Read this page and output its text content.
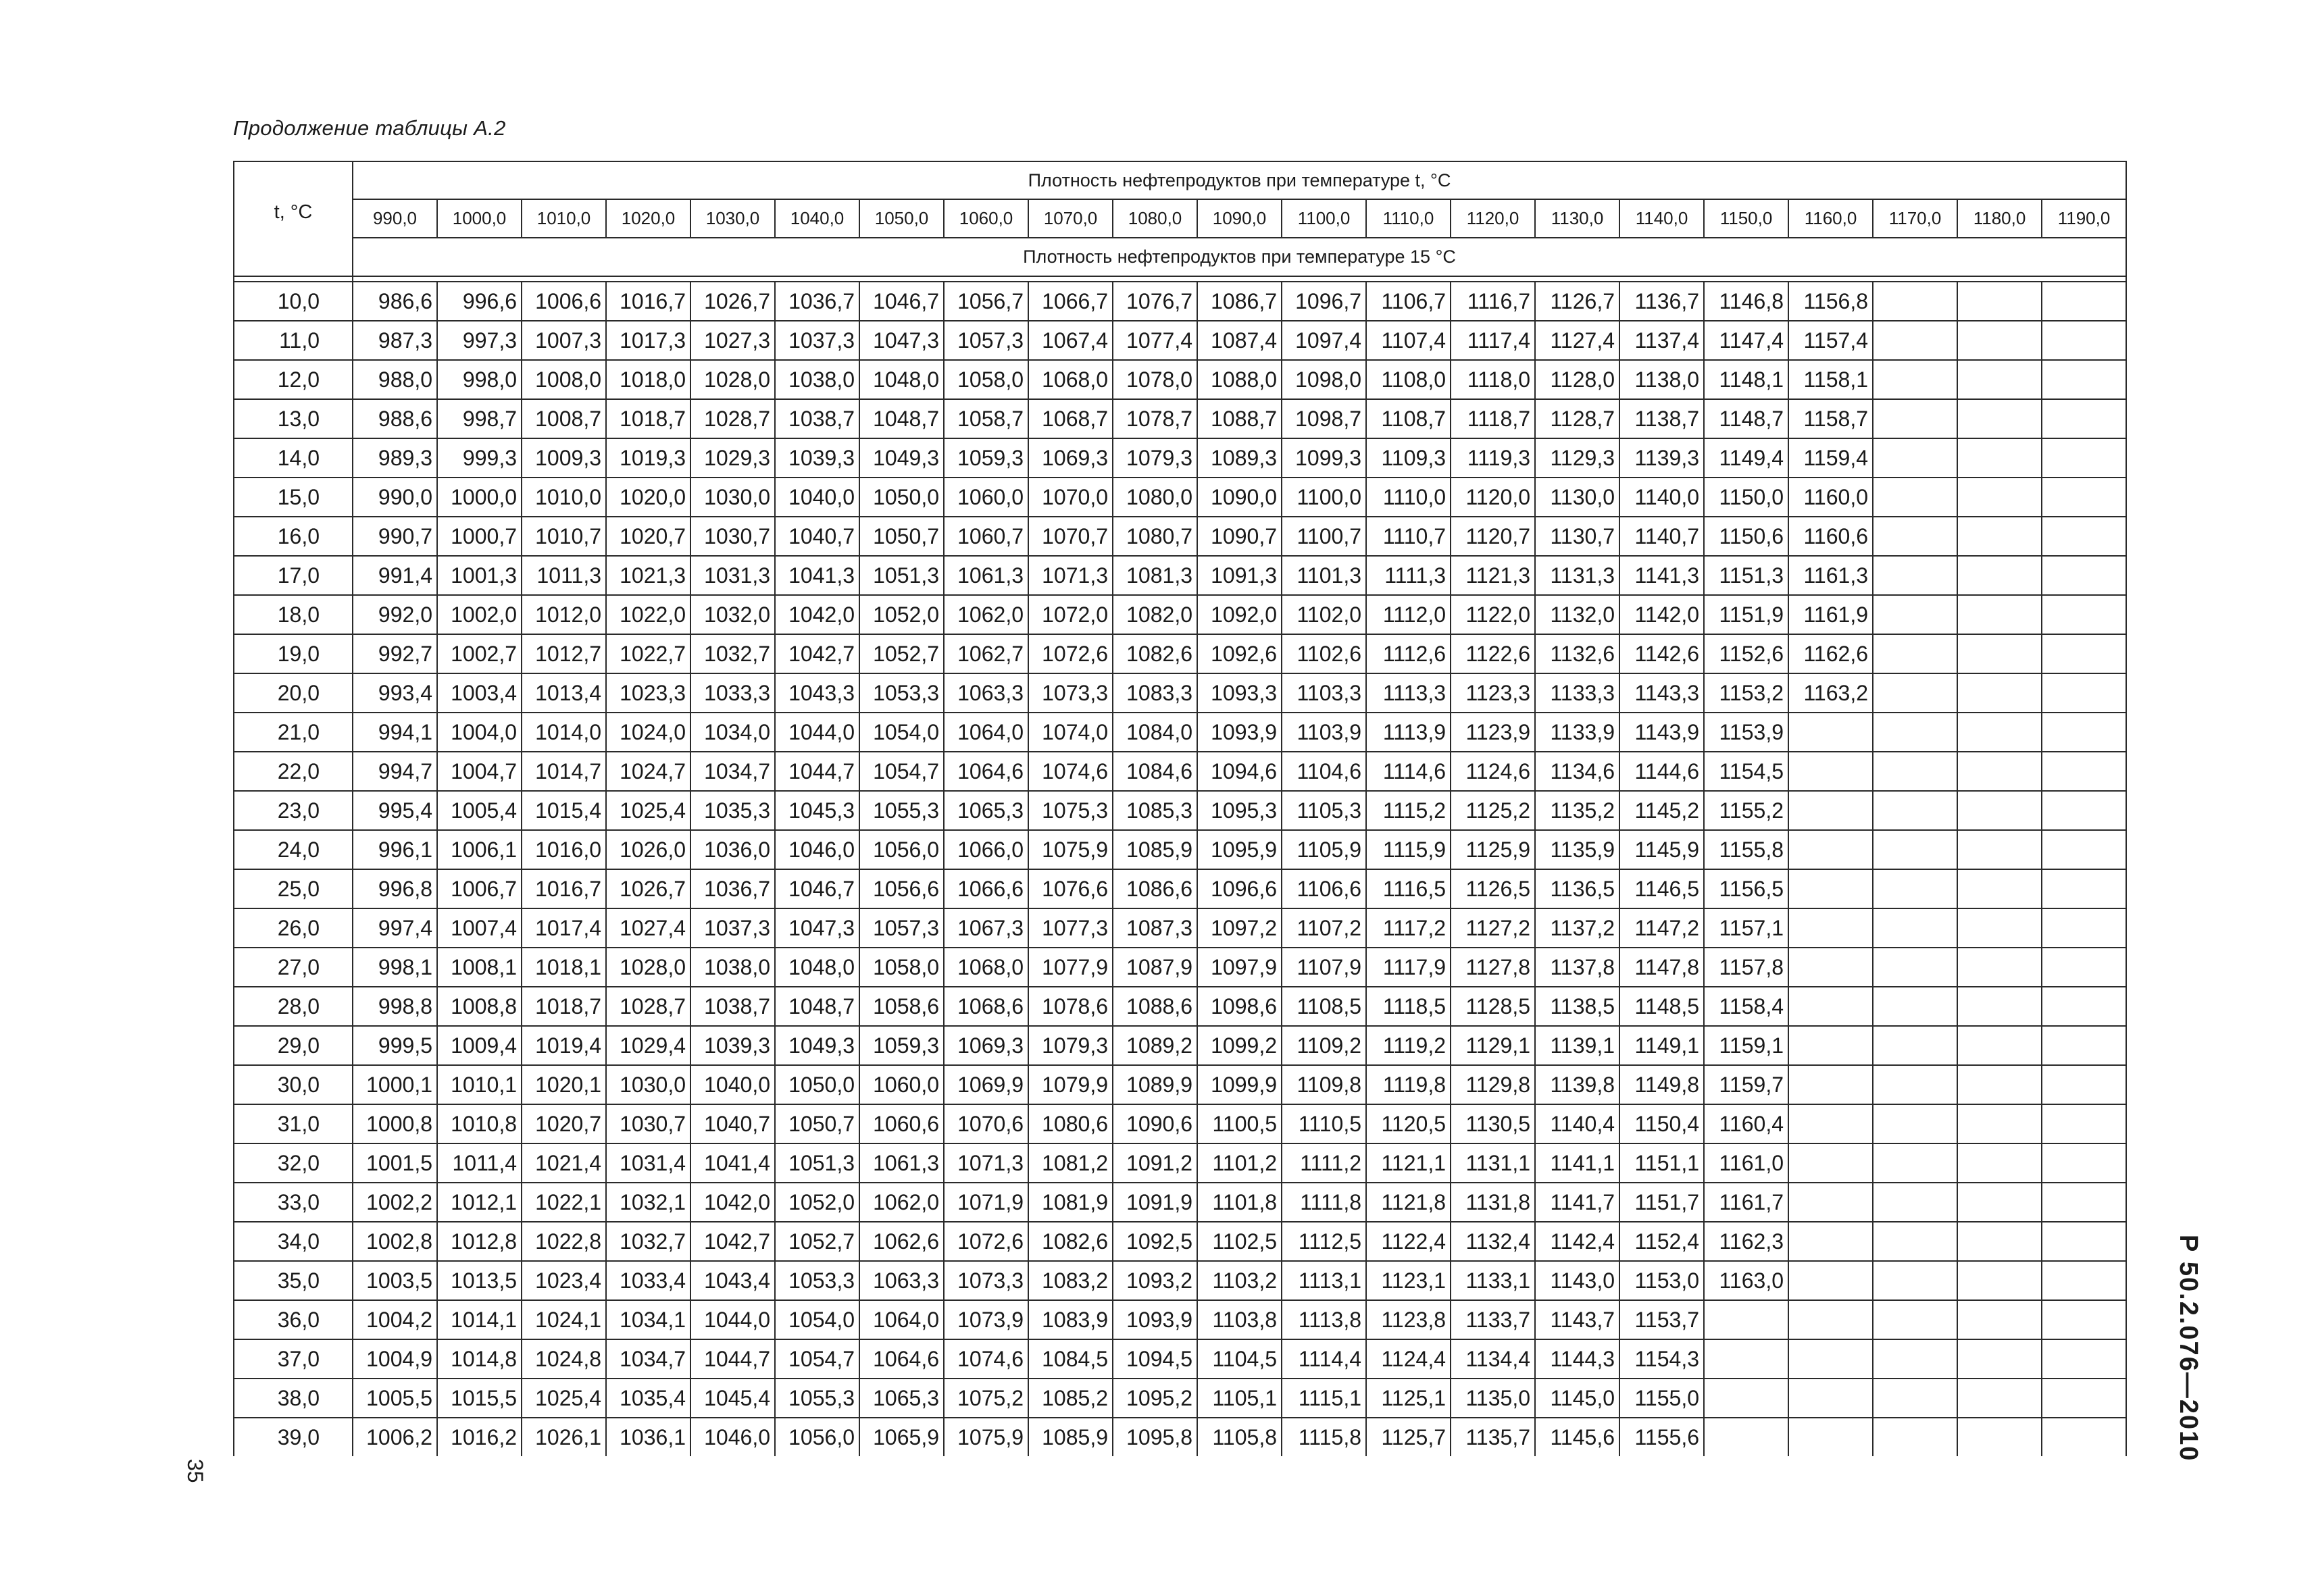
Продолжение таблицы А.2
t, °C	Плотность нефтепродуктов при температуре t, °C																				
	990,0	1000,0	1010,0	1020,0	1030,0	1040,0	1050,0	1060,0	1070,0	1080,0	1090,0	1100,0	1110,0	1120,0	1130,0	1140,0	1150,0	1160,0	1170,0	1180,0	1190,0
	Плотность нефтепродуктов при температуре 15 °C																				

10,0	986,6	996,6	1006,6	1016,7	1026,7	1036,7	1046,7	1056,7	1066,7	1076,7	1086,7	1096,7	1106,7	1116,7	1126,7	1136,7	1146,8	1156,8			
11,0	987,3	997,3	1007,3	1017,3	1027,3	1037,3	1047,3	1057,3	1067,4	1077,4	1087,4	1097,4	1107,4	1117,4	1127,4	1137,4	1147,4	1157,4			
12,0	988,0	998,0	1008,0	1018,0	1028,0	1038,0	1048,0	1058,0	1068,0	1078,0	1088,0	1098,0	1108,0	1118,0	1128,0	1138,0	1148,1	1158,1			
13,0	988,6	998,7	1008,7	1018,7	1028,7	1038,7	1048,7	1058,7	1068,7	1078,7	1088,7	1098,7	1108,7	1118,7	1128,7	1138,7	1148,7	1158,7			
14,0	989,3	999,3	1009,3	1019,3	1029,3	1039,3	1049,3	1059,3	1069,3	1079,3	1089,3	1099,3	1109,3	1119,3	1129,3	1139,3	1149,4	1159,4			
15,0	990,0	1000,0	1010,0	1020,0	1030,0	1040,0	1050,0	1060,0	1070,0	1080,0	1090,0	1100,0	1110,0	1120,0	1130,0	1140,0	1150,0	1160,0			
16,0	990,7	1000,7	1010,7	1020,7	1030,7	1040,7	1050,7	1060,7	1070,7	1080,7	1090,7	1100,7	1110,7	1120,7	1130,7	1140,7	1150,6	1160,6			
17,0	991,4	1001,3	1011,3	1021,3	1031,3	1041,3	1051,3	1061,3	1071,3	1081,3	1091,3	1101,3	1111,3	1121,3	1131,3	1141,3	1151,3	1161,3			
18,0	992,0	1002,0	1012,0	1022,0	1032,0	1042,0	1052,0	1062,0	1072,0	1082,0	1092,0	1102,0	1112,0	1122,0	1132,0	1142,0	1151,9	1161,9			
19,0	992,7	1002,7	1012,7	1022,7	1032,7	1042,7	1052,7	1062,7	1072,6	1082,6	1092,6	1102,6	1112,6	1122,6	1132,6	1142,6	1152,6	1162,6			
20,0	993,4	1003,4	1013,4	1023,3	1033,3	1043,3	1053,3	1063,3	1073,3	1083,3	1093,3	1103,3	1113,3	1123,3	1133,3	1143,3	1153,2	1163,2			
21,0	994,1	1004,0	1014,0	1024,0	1034,0	1044,0	1054,0	1064,0	1074,0	1084,0	1093,9	1103,9	1113,9	1123,9	1133,9	1143,9	1153,9				
22,0	994,7	1004,7	1014,7	1024,7	1034,7	1044,7	1054,7	1064,6	1074,6	1084,6	1094,6	1104,6	1114,6	1124,6	1134,6	1144,6	1154,5				
23,0	995,4	1005,4	1015,4	1025,4	1035,3	1045,3	1055,3	1065,3	1075,3	1085,3	1095,3	1105,3	1115,2	1125,2	1135,2	1145,2	1155,2				
24,0	996,1	1006,1	1016,0	1026,0	1036,0	1046,0	1056,0	1066,0	1075,9	1085,9	1095,9	1105,9	1115,9	1125,9	1135,9	1145,9	1155,8				
25,0	996,8	1006,7	1016,7	1026,7	1036,7	1046,7	1056,6	1066,6	1076,6	1086,6	1096,6	1106,6	1116,5	1126,5	1136,5	1146,5	1156,5				
26,0	997,4	1007,4	1017,4	1027,4	1037,3	1047,3	1057,3	1067,3	1077,3	1087,3	1097,2	1107,2	1117,2	1127,2	1137,2	1147,2	1157,1				
27,0	998,1	1008,1	1018,1	1028,0	1038,0	1048,0	1058,0	1068,0	1077,9	1087,9	1097,9	1107,9	1117,9	1127,8	1137,8	1147,8	1157,8				
28,0	998,8	1008,8	1018,7	1028,7	1038,7	1048,7	1058,6	1068,6	1078,6	1088,6	1098,6	1108,5	1118,5	1128,5	1138,5	1148,5	1158,4				
29,0	999,5	1009,4	1019,4	1029,4	1039,3	1049,3	1059,3	1069,3	1079,3	1089,2	1099,2	1109,2	1119,2	1129,1	1139,1	1149,1	1159,1				
30,0	1000,1	1010,1	1020,1	1030,0	1040,0	1050,0	1060,0	1069,9	1079,9	1089,9	1099,9	1109,8	1119,8	1129,8	1139,8	1149,8	1159,7				
31,0	1000,8	1010,8	1020,7	1030,7	1040,7	1050,7	1060,6	1070,6	1080,6	1090,6	1100,5	1110,5	1120,5	1130,5	1140,4	1150,4	1160,4				
32,0	1001,5	1011,4	1021,4	1031,4	1041,4	1051,3	1061,3	1071,3	1081,2	1091,2	1101,2	1111,2	1121,1	1131,1	1141,1	1151,1	1161,0				
33,0	1002,2	1012,1	1022,1	1032,1	1042,0	1052,0	1062,0	1071,9	1081,9	1091,9	1101,8	1111,8	1121,8	1131,8	1141,7	1151,7	1161,7				
34,0	1002,8	1012,8	1022,8	1032,7	1042,7	1052,7	1062,6	1072,6	1082,6	1092,5	1102,5	1112,5	1122,4	1132,4	1142,4	1152,4	1162,3				
35,0	1003,5	1013,5	1023,4	1033,4	1043,4	1053,3	1063,3	1073,3	1083,2	1093,2	1103,2	1113,1	1123,1	1133,1	1143,0	1153,0	1163,0				
36,0	1004,2	1014,1	1024,1	1034,1	1044,0	1054,0	1064,0	1073,9	1083,9	1093,9	1103,8	1113,8	1123,8	1133,7	1143,7	1153,7					
37,0	1004,9	1014,8	1024,8	1034,7	1044,7	1054,7	1064,6	1074,6	1084,5	1094,5	1104,5	1114,4	1124,4	1134,4	1144,3	1154,3					
38,0	1005,5	1015,5	1025,4	1035,4	1045,4	1055,3	1065,3	1075,2	1085,2	1095,2	1105,1	1115,1	1125,1	1135,0	1145,0	1155,0					
39,0	1006,2	1016,2	1026,1	1036,1	1046,0	1056,0	1065,9	1075,9	1085,9	1095,8	1105,8	1115,8	1125,7	1135,7	1145,6	1155,6						Р 50.2.076—2010
35
